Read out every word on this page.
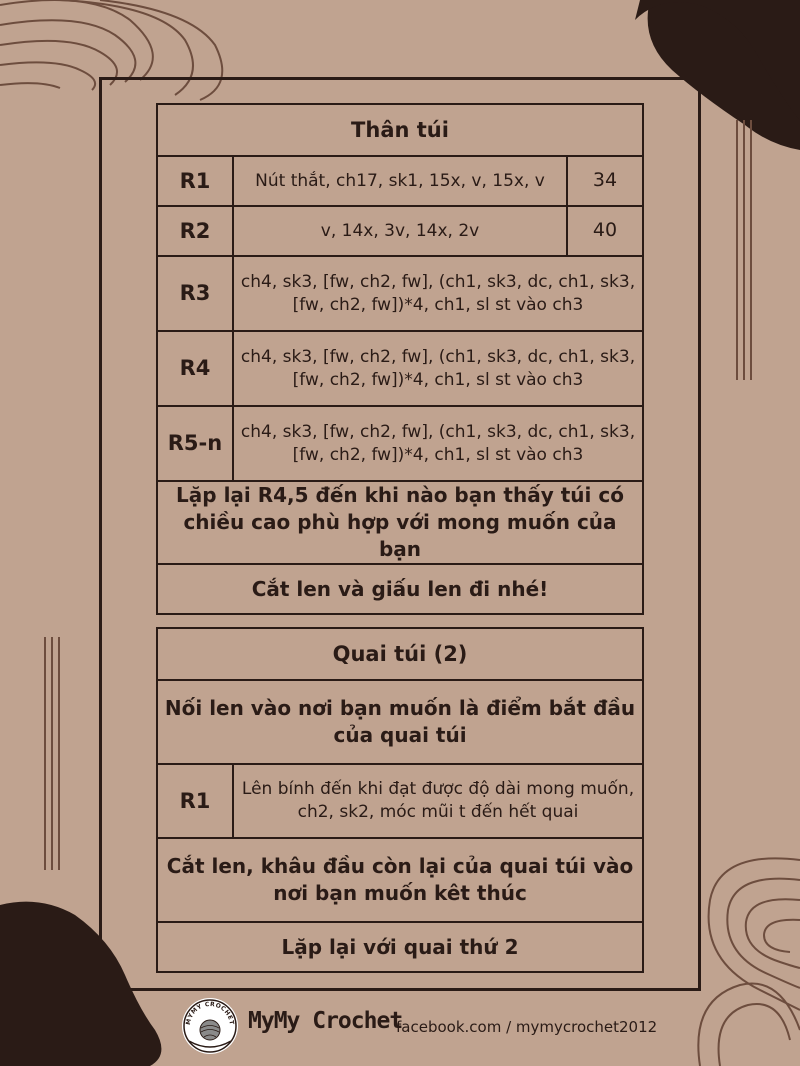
Thân túi		
R1	Nút thắt, ch17, sk1, 15x, v, 15x, v	34
R2	v, 14x, 3v, 14x, 2v	40
R3	ch4, sk3, [fw, ch2, fw], (ch1, sk3, dc, ch1, sk3, [fw, ch2, fw])*4, ch1, sl st vào ch3	
R4	ch4, sk3, [fw, ch2, fw], (ch1, sk3, dc, ch1, sk3, [fw, ch2, fw])*4, ch1, sl st vào ch3	
R5-n	ch4, sk3, [fw, ch2, fw], (ch1, sk3, dc, ch1, sk3, [fw, ch2, fw])*4, ch1, sl st vào ch3	
Lặp lại R4,5 đến khi nào bạn thấy túi có chiều cao phù hợp với mong muốn của bạn		
Cắt len và giấu len đi nhé!		
Quai túi (2)
Nối len vào nơi bạn muốn là điểm bắt đầu của quai túi
R1	Lên bính đến khi đạt được độ dài mong muốn, ch2, sk2, móc mũi t đến hết quai
Cắt len, khâu đầu còn lại của quai túi vào nơi bạn muốn kêt thúc
Lặp lại với quai thứ 2
MYMY CROCHET MyMy Crochet
facebook.com / mymycrochet2012
